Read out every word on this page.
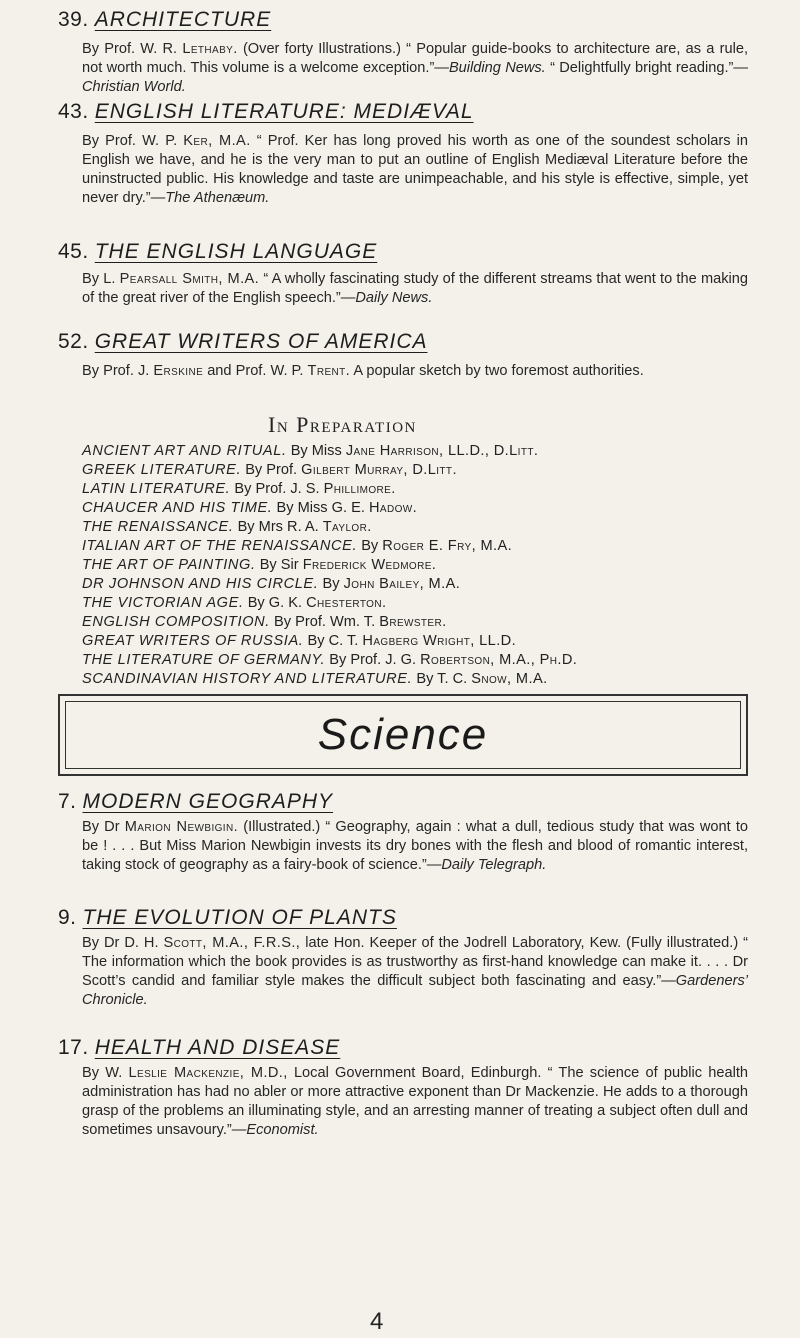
39. ARCHITECTURE
By Prof. W. R. Lethaby. (Over forty Illustrations.) “ Popular guide-books to architecture are, as a rule, not worth much. This volume is a welcome exception.”—Building News. “ Delightfully bright reading.”—Christian World.
43. ENGLISH LITERATURE: MEDIÆVAL
By Prof. W. P. Ker, M.A. “ Prof. Ker has long proved his worth as one of the soundest scholars in English we have, and he is the very man to put an outline of English Mediæval Literature before the uninstructed public. His knowledge and taste are unimpeachable, and his style is effective, simple, yet never dry.”—The Athenæum.
45. THE ENGLISH LANGUAGE
By L. Pearsall Smith, M.A. “ A wholly fascinating study of the different streams that went to the making of the great river of the English speech.”—Daily News.
52. GREAT WRITERS OF AMERICA
By Prof. J. Erskine and Prof. W. P. Trent. A popular sketch by two foremost authorities.
In Preparation
ANCIENT ART AND RITUAL. By Miss Jane Harrison, LL.D., D.Litt.
GREEK LITERATURE. By Prof. Gilbert Murray, D.Litt.
LATIN LITERATURE. By Prof. J. S. Phillimore.
CHAUCER AND HIS TIME. By Miss G. E. Hadow.
THE RENAISSANCE. By Mrs R. A. Taylor.
ITALIAN ART OF THE RENAISSANCE. By Roger E. Fry, M.A.
THE ART OF PAINTING. By Sir Frederick Wedmore.
DR JOHNSON AND HIS CIRCLE. By John Bailey, M.A.
THE VICTORIAN AGE. By G. K. Chesterton.
ENGLISH COMPOSITION. By Prof. Wm. T. Brewster.
GREAT WRITERS OF RUSSIA. By C. T. Hagberg Wright, LL.D.
THE LITERATURE OF GERMANY. By Prof. J. G. Robertson, M.A., Ph.D.
SCANDINAVIAN HISTORY AND LITERATURE. By T. C. Snow, M.A.
Science
7. MODERN GEOGRAPHY
By Dr Marion Newbigin. (Illustrated.) “ Geography, again : what a dull, tedious study that was wont to be ! . . . But Miss Marion Newbigin invests its dry bones with the flesh and blood of romantic interest, taking stock of geography as a fairy-book of science.”—Daily Telegraph.
9. THE EVOLUTION OF PLANTS
By Dr D. H. Scott, M.A., F.R.S., late Hon. Keeper of the Jodrell Laboratory, Kew. (Fully illustrated.) “ The information which the book provides is as trustworthy as first-hand knowledge can make it. . . . Dr Scott’s candid and familiar style makes the difficult subject both fascinating and easy.”—Gardeners’ Chronicle.
17. HEALTH AND DISEASE
By W. Leslie Mackenzie, M.D., Local Government Board, Edinburgh. “ The science of public health administration has had no abler or more attractive exponent than Dr Mackenzie. He adds to a thorough grasp of the problems an illuminating style, and an arresting manner of treating a subject often dull and sometimes unsavoury.”—Economist.
4
